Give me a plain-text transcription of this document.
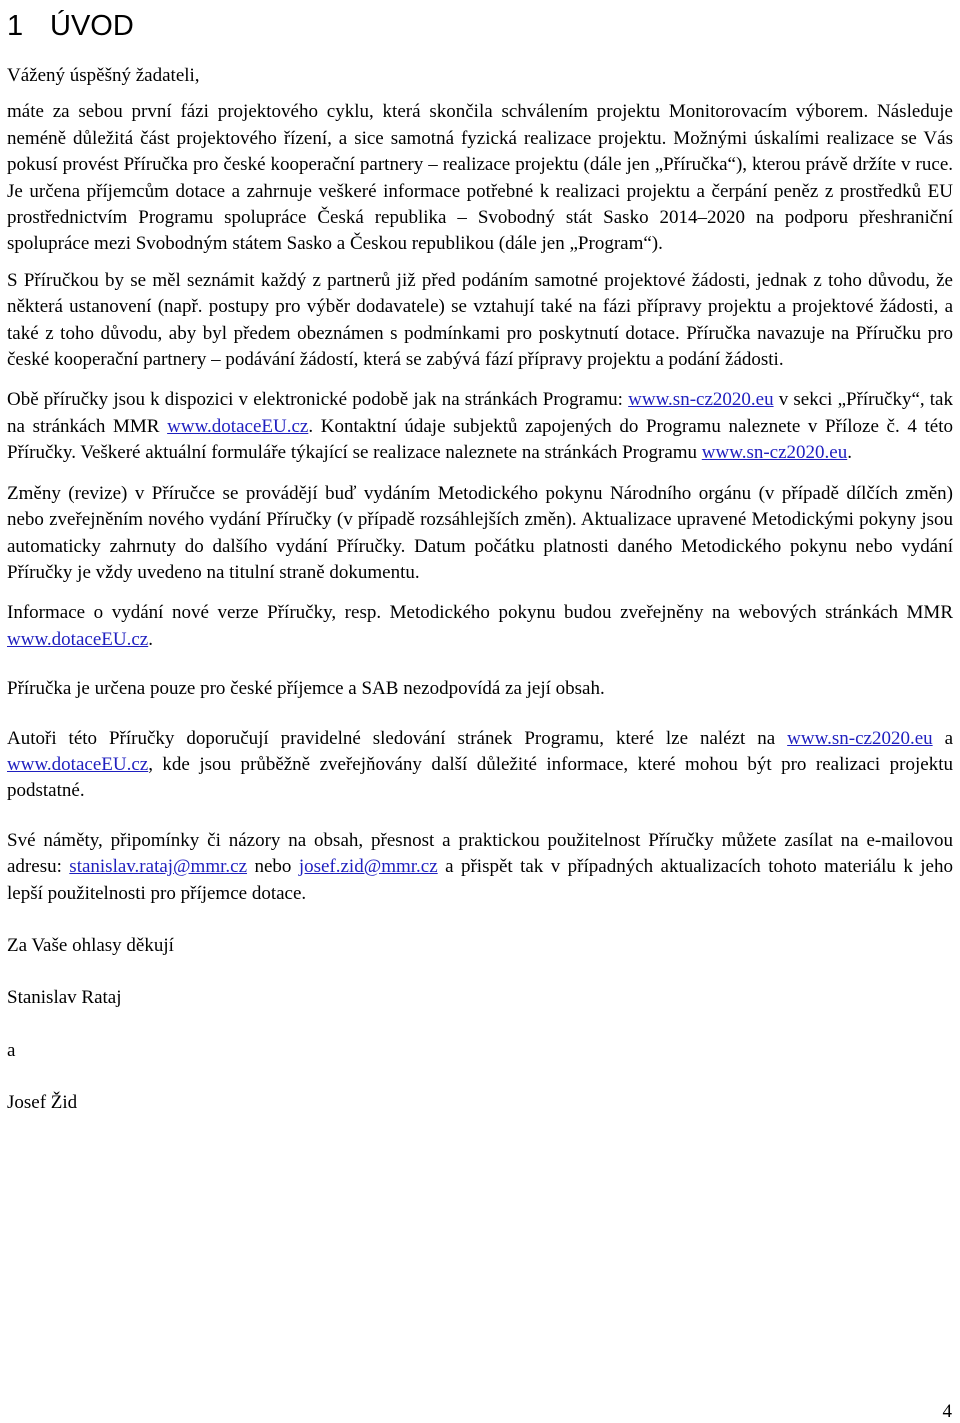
1 ÚVOD

Vážený úspěšný žadateli,

máte za sebou první fázi projektového cyklu, která skončila schválením projektu Monitorovacím výborem. Následuje neméně důležitá část projektového řízení, a sice samotná fyzická realizace projektu. Možnými úskalími realizace se Vás pokusí provést Příručka pro české kooperační partnery – realizace projektu (dále jen „Příručka“), kterou právě držíte v ruce. Je určena příjemcům dotace a zahrnuje veškeré informace potřebné k realizaci projektu a čerpání peněz z prostředků EU prostřednictvím Programu spolupráce Česká republika – Svobodný stát Sasko 2014–2020 na podporu přeshraniční spolupráce mezi Svobodným státem Sasko a Českou republikou (dále jen „Program“).

S Příručkou by se měl seznámit každý z partnerů již před podáním samotné projektové žádosti, jednak z toho důvodu, že některá ustanovení (např. postupy pro výběr dodavatele) se vztahují také na fázi přípravy projektu a projektové žádosti, a také z toho důvodu, aby byl předem obeznámen s podmínkami pro poskytnutí dotace. Příručka navazuje na Příručku pro české kooperační partnery – podávání žádostí, která se zabývá fází přípravy projektu a podání žádosti.

Obě příručky jsou k dispozici v elektronické podobě jak na stránkách Programu: www.sn-cz2020.eu v sekci „Příručky“, tak na stránkách MMR www.dotaceEU.cz. Kontaktní údaje subjektů zapojených do Programu naleznete v Příloze č. 4 této Příručky. Veškeré aktuální formuláře týkající se realizace naleznete na stránkách Programu www.sn-cz2020.eu.

Změny (revize) v Příručce se provádějí buď vydáním Metodického pokynu Národního orgánu (v případě dílčích změn) nebo zveřejněním nového vydání Příručky (v případě rozsáhlejších změn). Aktualizace upravené Metodickými pokyny jsou automaticky zahrnuty do dalšího vydání Příručky. Datum počátku platnosti daného Metodického pokynu nebo vydání Příručky je vždy uvedeno na titulní straně dokumentu.

Informace o vydání nové verze Příručky, resp. Metodického pokynu budou zveřejněny na webových stránkách MMR www.dotaceEU.cz.

Příručka je určena pouze pro české příjemce a SAB nezodpovídá za její obsah.

Autoři této Příručky doporučují pravidelné sledování stránek Programu, které lze nalézt na www.sn-cz2020.eu a www.dotaceEU.cz, kde jsou průběžně zveřejňovány další důležité informace, které mohou být pro realizaci projektu podstatné.

Své náměty, připomínky či názory na obsah, přesnost a praktickou použitelnost Příručky můžete zasílat na e-mailovou adresu: stanislav.rataj@mmr.cz nebo josef.zid@mmr.cz a přispět tak v případných aktualizacích tohoto materiálu k jeho lepší použitelnosti pro příjemce dotace.

Za Vaše ohlasy děkují

Stanislav Rataj

a

Josef Žid

4
